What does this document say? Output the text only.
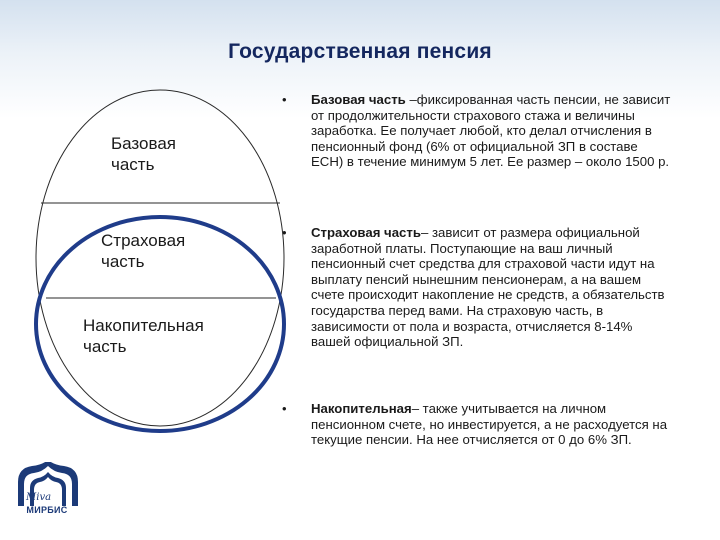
Государственная пенсия
Базовая
часть
Страховая
часть
Накопительная
часть
•	Базовая часть –фиксированная часть пенсии, не зависит от продолжительности страхового стажа и величины заработка. Ее получает любой, кто делал отчисления в пенсионный фонд (6% от официальной ЗП в составе ЕСН) в течение минимум 5 лет. Ее размер – около 1500 р.
•	Страховая часть– зависит от размера официальной заработной платы. Поступающие на ваш личный пенсионный счет средства для страховой части идут на выплату пенсий нынешним пенсионерам, а на вашем счете происходит накопление не средств, а обязательств государства перед вами. На страховую часть, в зависимости от пола и возраста, отчисляется 8-14% вашей официальной ЗП.
•	Накопительная– также учитывается на личном пенсионном счете, но инвестируется, а не расходуется на текущие пенсии. На нее отчисляется от 0 до 6% ЗП.
Мiva
МИРБИС
